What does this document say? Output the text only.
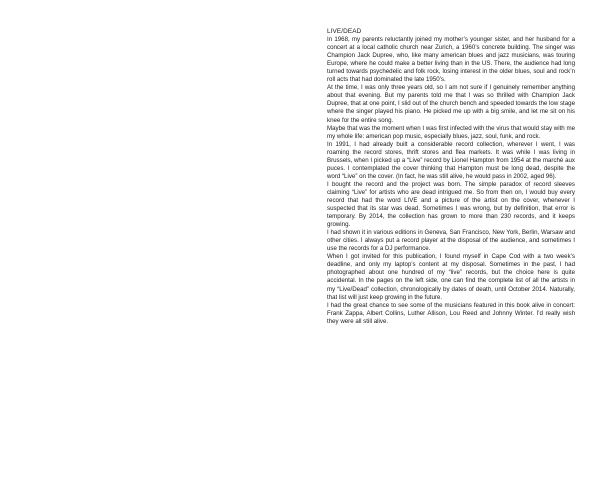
LIVE/DEAD

In 1968, my parents reluctantly joined my mother’s younger sister, and her husband for a concert at a local catholic church near Zurich, a 1960’s concrete building. The singer was Champion Jack Dupree, who, like many american blues and jazz musicians, was touring Europe, where he could make a better living than in the US. There, the audience had long turned towards psychedelic and folk rock, losing interest in the older blues, soul and rock’n roll acts that had dominated the late 1950’s.

At the time, I was only three years old, so I am not sure if I genuinely remember anything about that evening. But my parents told me that I was so thrilled with Champion Jack Dupree, that at one point, I slid out of the church bench and speeded towards the low stage where the singer played his piano. He picked me up with a big smile, and let me sit on his knee for the entire song.

Maybe that was the moment when I was first infected with the virus that would stay with me my whole life: american pop music, especially blues, jazz, soul, funk, and rock.

In 1991, I had already built a considerable record collection, wherever I went, I was roaming the record stores, thrift stores and flea markets. It was while I was living in Brussels, when I picked up a “Live” record by Lionel Hampton from 1954 at the marché aux puces. I contemplated the cover thinking that Hampton must be long dead, despite the word “Live” on the cover. (In fact, he was still alive, he would pass in 2002, aged 96).

I bought the record and the project was born. The simple paradox of record sleeves claiming “Live” for artists who are dead intrigued me. So from then on, I would buy every record that had the word LIVE and a picture of the artist on the cover, whenever I suspected that its star was dead. Sometimes I was wrong, but by definition, that error is temporary. By 2014, the collection has grown to more than 230 records, and it keeps growing.

I had shown it in various editions in Geneva, San Francisco, New York, Berlin, Warsaw and other cities. I always put a record player at the disposal of the audience, and sometimes I use the records for a DJ performance.

When I got invited for this publication, I found myself in Cape Cod with a two week’s deadline, and only my laptop’s content at my disposal. Sometimes in the past, I had photographed about one hundred of my “live” records, but the choice here is quite accidental. In the pages on the left side, one can find the complete list of all the artists in my “Live/Dead” collection, chronologically by dates of death, until October 2014. Naturally, that list will just keep growing in the future.

I had the great chance to see some of the musicians featured in this book alive in concert: Frank Zappa, Albert Collins, Luther Allison, Lou Reed and Johnny Winter. I’d really wish they were all still alive.
